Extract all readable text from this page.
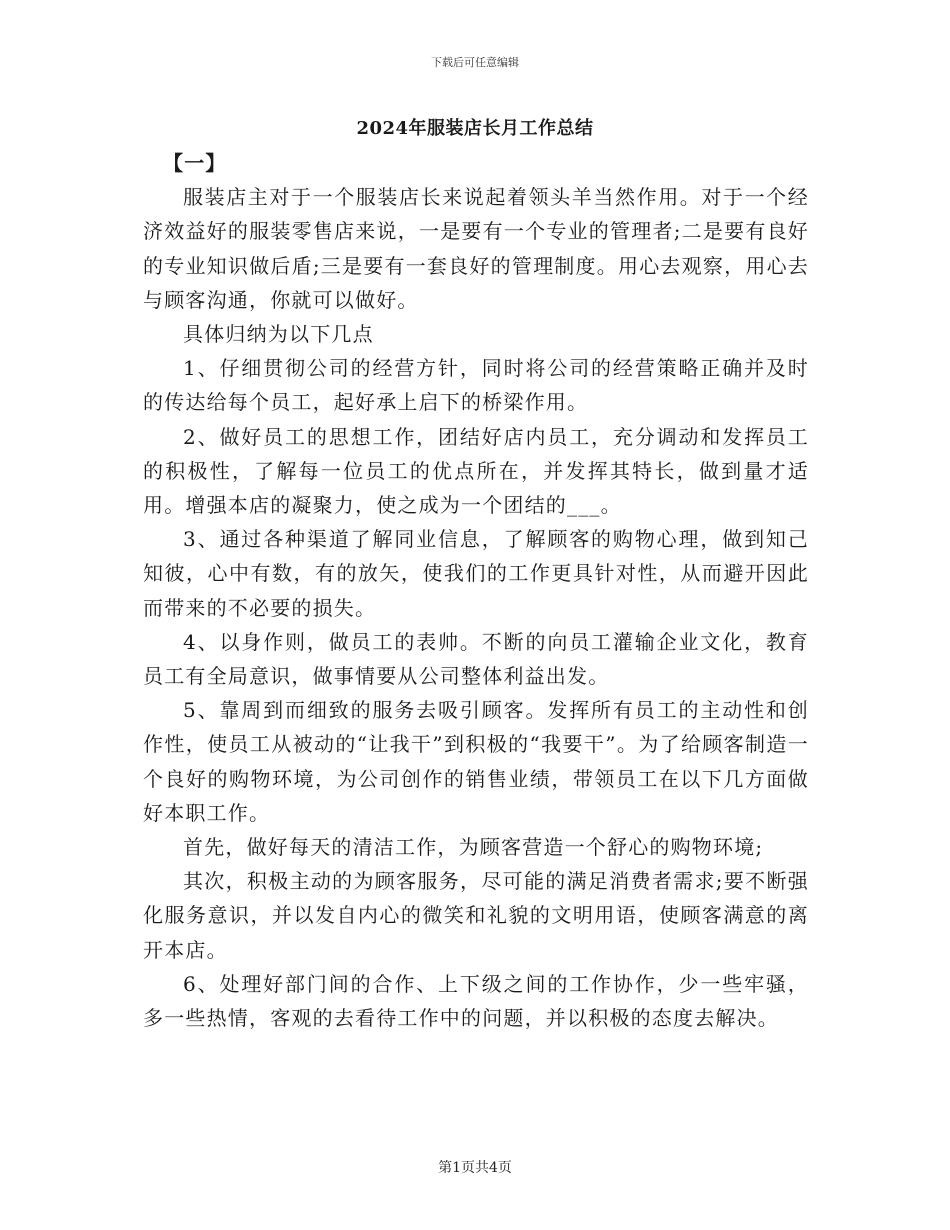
下载后可任意编辑
2024年服装店长月工作总结

【一】

服装店主对于一个服装店长来说起着领头羊当然作用。对于一个经济效益好的服装零售店来说，一是要有一个专业的管理者;二是要有良好的专业知识做后盾;三是要有一套良好的管理制度。用心去观察，用心去与顾客沟通，你就可以做好。

具体归纳为以下几点

1、仔细贯彻公司的经营方针，同时将公司的经营策略正确并及时的传达给每个员工，起好承上启下的桥梁作用。

2、做好员工的思想工作，团结好店内员工，充分调动和发挥员工的积极性，了解每一位员工的优点所在，并发挥其特长，做到量才适用。增强本店的凝聚力，使之成为一个团结的___。

3、通过各种渠道了解同业信息，了解顾客的购物心理，做到知己知彼，心中有数，有的放矢，使我们的工作更具针对性，从而避开因此而带来的不必要的损失。

4、以身作则，做员工的表帅。不断的向员工灌输企业文化，教育员工有全局意识，做事情要从公司整体利益出发。

5、靠周到而细致的服务去吸引顾客。发挥所有员工的主动性和创作性，使员工从被动的“让我干”到积极的“我要干”。为了给顾客制造一个良好的购物环境，为公司创作的销售业绩，带领员工在以下几方面做好本职工作。

首先，做好每天的清洁工作，为顾客营造一个舒心的购物环境;

其次，积极主动的为顾客服务，尽可能的满足消费者需求;要不断强化服务意识，并以发自内心的微笑和礼貌的文明用语，使顾客满意的离开本店。

6、处理好部门间的合作、上下级之间的工作协作，少一些牢骚，多一些热情，客观的去看待工作中的问题，并以积极的态度去解决。

第1页共4页
